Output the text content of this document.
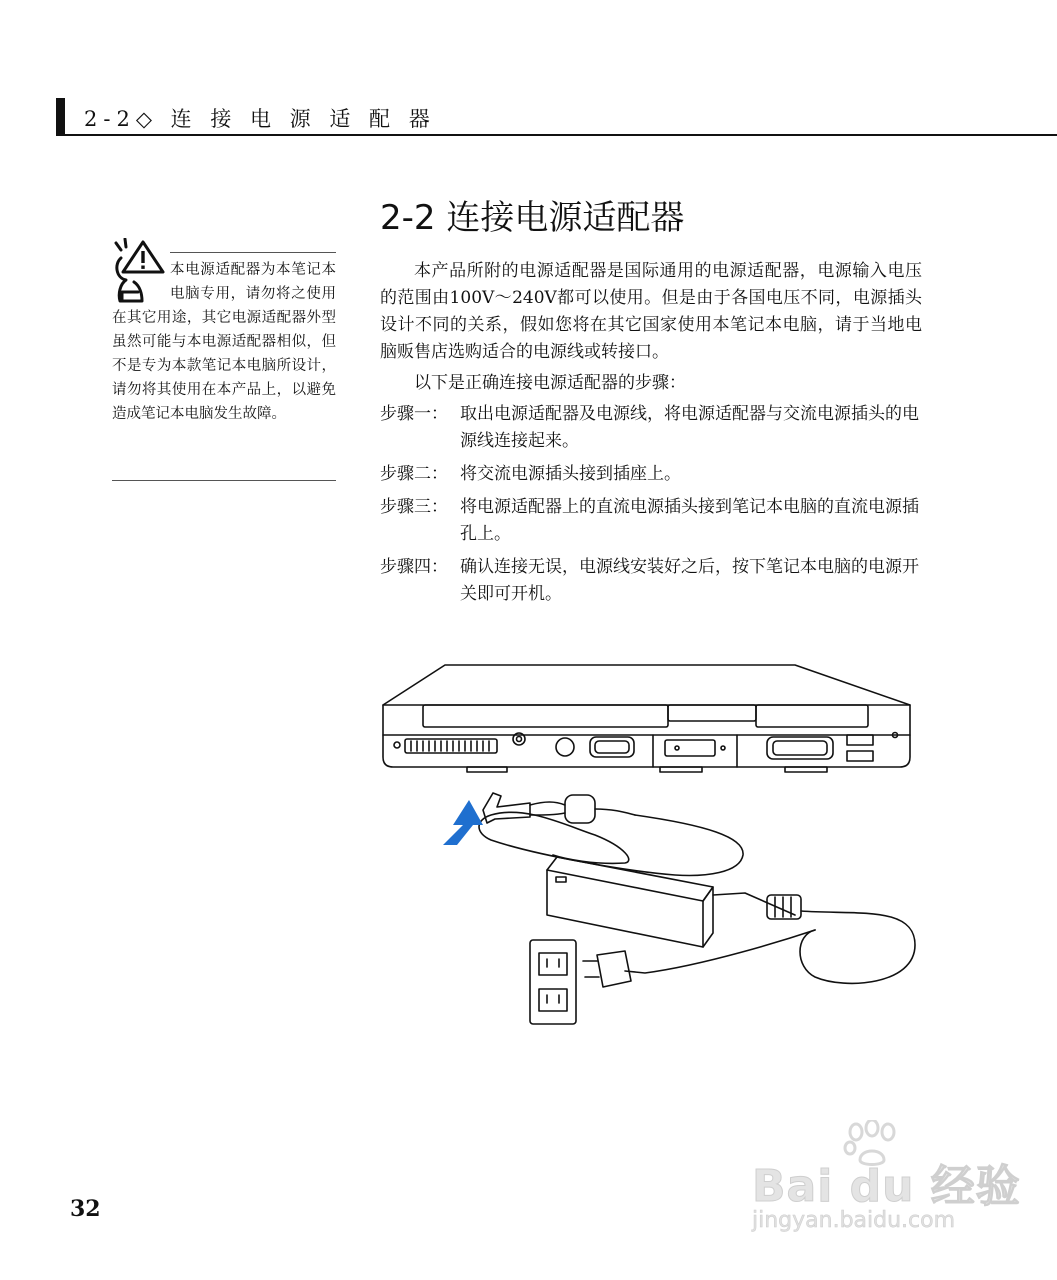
2-2◇ 连 接 电 源 适 配 器
2-2 连接电源适配器
本电源适配器为本笔记本电脑专用，请勿将之使用在其它用途，其它电源适配器外型虽然可能与本电源适配器相似，但不是专为本款笔记本电脑所设计，请勿将其使用在本产品上，以避免造成笔记本电脑发生故障。

本产品所附的电源适配器是国际通用的电源适配器，电源输入电压的范围由100V～240V都可以使用。但是由于各国电压不同，电源插头设计不同的关系，假如您将在其它国家使用本笔记本电脑，请于当地电脑贩售店选购适合的电源线或转接口。

以下是正确连接电源适配器的步骤：

步骤一： 取出电源适配器及电源线，将电源适配器与交流电源插头的电源线连接起来。
步骤二： 将交流电源插头接到插座上。
步骤三： 将电源适配器上的直流电源插头接到笔记本电脑的直流电源插孔上。
步骤四： 确认连接无误，电源线安装好之后，按下笔记本电脑的电源开关即可开机。
32	Bai du 经验
jingyan.baidu.com
